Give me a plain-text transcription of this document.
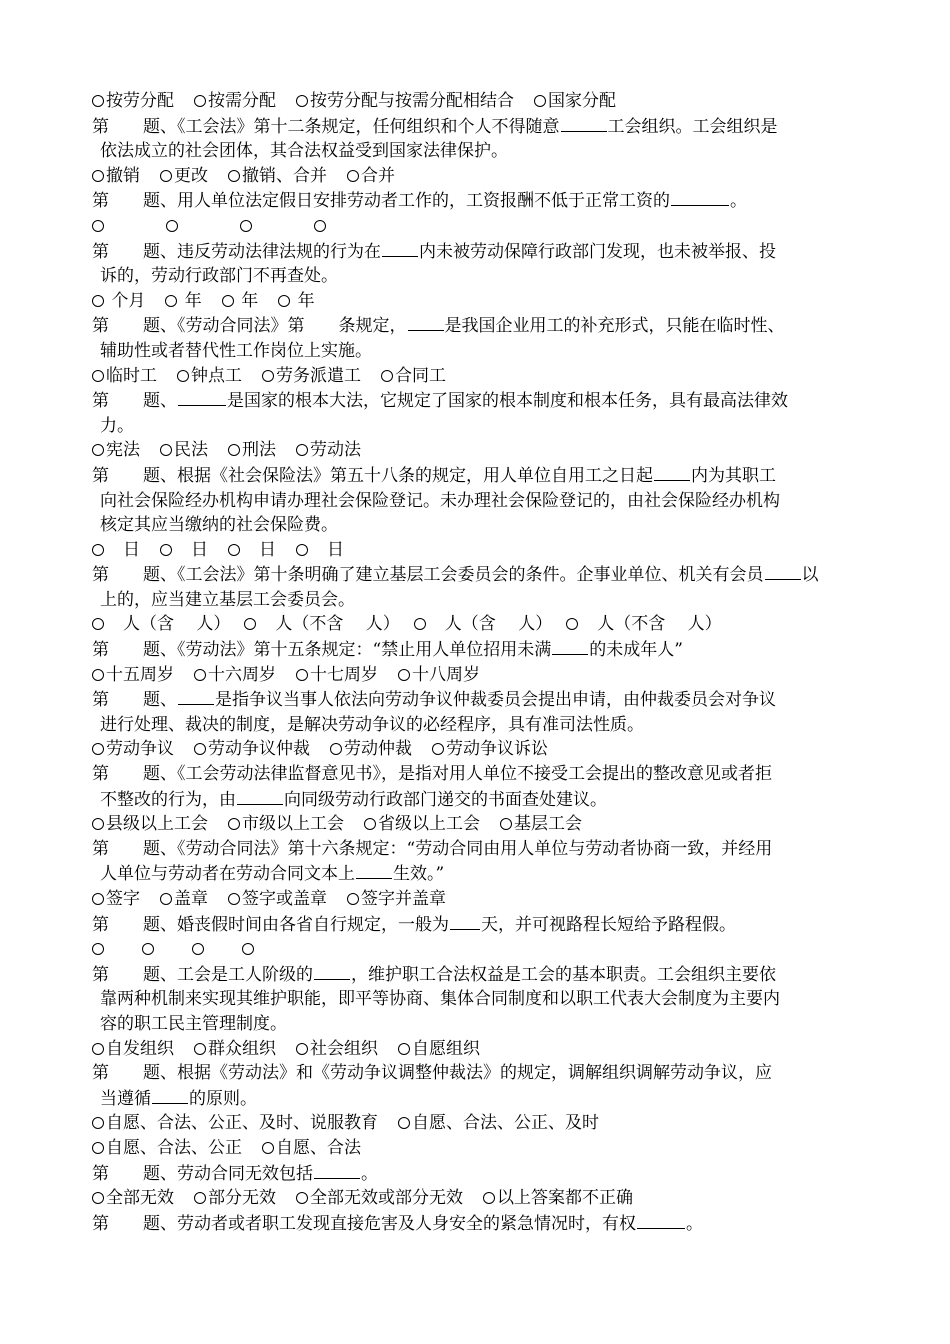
按劳分配 按需分配 按劳分配与按需分配相结合 国家分配
第　　题、《工会法》第十二条规定，任何组织和个人不得随意	工会组织。工会组织是
依法成立的社会团体，其合法权益受到国家法律保护。
撤销 更改 撤销、合并 合并
第　　题、用人单位法定假日安排劳动者工作的，工资报酬不低于正常工资的	。
第　　题、违反劳动法律法规的行为在 内未被劳动保障行政部门发现，也未被举报、投
诉的，劳动行政部门不再查处。
个月 年 年 年
第　　题、《劳动合同法》第　　条规定， 是我国企业用工的补充形式，只能在临时性、
辅助性或者替代性工作岗位上实施。
临时工 钟点工 劳务派遣工 合同工
第　　题、	是国家的根本大法，它规定了国家的根本制度和根本任务，具有最高法律效
力。
宪法 民法 刑法 劳动法
第　　题、根据《社会保险法》第五十八条的规定，用人单位自用工之日起 内为其职工
向社会保险经办机构申请办理社会保险登记。未办理社会保险登记的，由社会保险经办机构
核定其应当缴纳的社会保险费。
　日　日　日　日
第　　题、《工会法》第十条明确了建立基层工会委员会的条件。企事业单位、机关有会员 以
上的，应当建立基层工会委员会。
　人（含　 人）　人（不含　 人）　人（含　 人）　人（不含　 人）
第　　题、《劳动法》第十五条规定：“禁止用人单位招用未满 的未成年人”
十五周岁 十六周岁 十七周岁 十八周岁
第　　题、 是指争议当事人依法向劳动争议仲裁委员会提出申请，由仲裁委员会对争议
进行处理、裁决的制度，是解决劳动争议的必经程序，具有准司法性质。
劳动争议 劳动争议仲裁 劳动仲裁 劳动争议诉讼
第　　题、《工会劳动法律监督意见书》，是指对用人单位不接受工会提出的整改意见或者拒
不整改的行为，由	向同级劳动行政部门递交的书面查处建议。
县级以上工会 市级以上工会 省级以上工会 基层工会
第　　题、《劳动合同法》第十六条规定：“劳动合同由用人单位与劳动者协商一致，并经用
人单位与劳动者在劳动合同文本上 生效。”
签字 盖章 签字或盖章 签字并盖章
第　　题、婚丧假时间由各省自行规定，一般为 天，并可视路程长短给予路程假。
第　　题、工会是工人阶级的 ，维护职工合法权益是工会的基本职责。工会组织主要依
靠两种机制来实现其维护职能，即平等协商、集体合同制度和以职工代表大会制度为主要内
容的职工民主管理制度。
自发组织 群众组织 社会组织 自愿组织
第　　题、根据《劳动法》和《劳动争议调整仲裁法》的规定，调解组织调解劳动争议，应
当遵循 的原则。
自愿、合法、公正、及时、说服教育 自愿、合法、公正、及时
自愿、合法、公正 自愿、合法
第　　题、劳动合同无效包括	。
全部无效 部分无效 全部无效或部分无效 以上答案都不正确
第　　题、劳动者或者职工发现直接危害及人身安全的紧急情况时，有权	。
